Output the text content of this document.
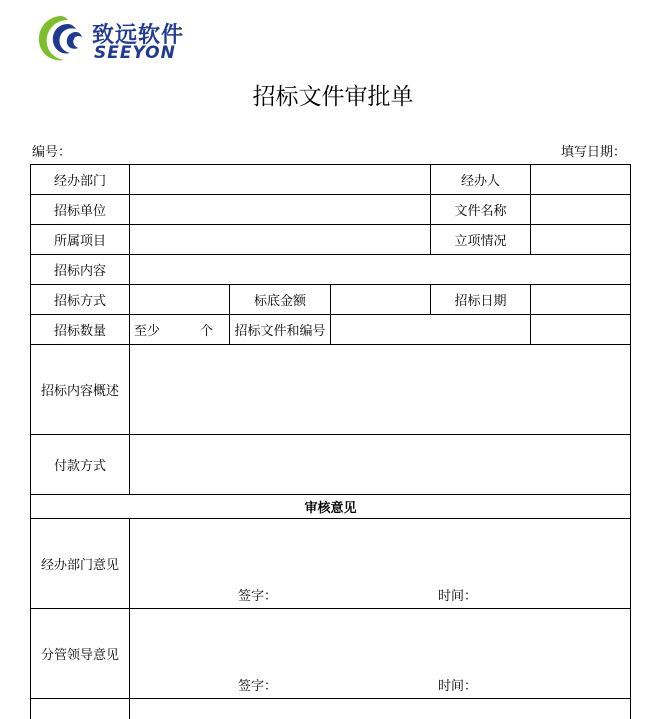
致远软件
SEEYON
招标文件审批单
编号：	填写日期：
经办部门				经办人	
招标单位				文件名称	
所属项目				立项情况	
招标内容					
招标方式		标底金额		招标日期	
招标数量	至少 个	招标文件和编号			
招标内容概述					
付款方式					
审核意见					
经办部门意见	签字： 时间：				

分管领导意见	签字： 时间：				
